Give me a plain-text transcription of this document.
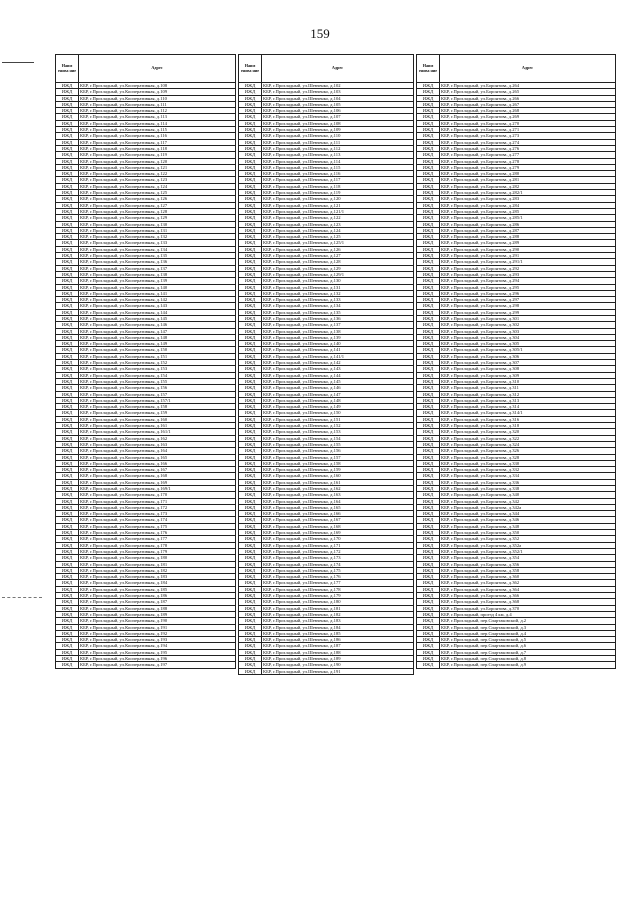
159
Наим енова ние	Адрес
ИЖД	КБР, г.Прохладный, ул.Кооперативная, д.108
ИЖД	КБР, г.Прохладный, ул.Кооперативная, д.109
ИЖД	КБР, г.Прохладный, ул.Кооперативная, д.110
ИЖД	КБР, г.Прохладный, ул.Кооперативная, д.111
ИЖД	КБР, г.Прохладный, ул.Кооперативная, д.112
ИЖД	КБР, г.Прохладный, ул.Кооперативная, д.113
ИЖД	КБР, г.Прохладный, ул.Кооперативная, д.114
ИЖД	КБР, г.Прохладный, ул.Кооперативная, д.115
ИЖД	КБР, г.Прохладный, ул.Кооперативная, д.116
ИЖД	КБР, г.Прохладный, ул.Кооперативная, д.117
ИЖД	КБР, г.Прохладный, ул.Кооперативная, д.118
ИЖД	КБР, г.Прохладный, ул.Кооперативная, д.119
ИЖД	КБР, г.Прохладный, ул.Кооперативная, д.120
ИЖД	КБР, г.Прохладный, ул.Кооперативная, д.121
ИЖД	КБР, г.Прохладный, ул.Кооперативная, д.122
ИЖД	КБР, г.Прохладный, ул.Кооперативная, д.123
ИЖД	КБР, г.Прохладный, ул.Кооперативная, д.124
ИЖД	КБР, г.Прохладный, ул.Кооперативная, д.125
ИЖД	КБР, г.Прохладный, ул.Кооперативная, д.126
ИЖД	КБР, г.Прохладный, ул.Кооперативная, д.127
ИЖД	КБР, г.Прохладный, ул.Кооперативная, д.128
ИЖД	КБР, г.Прохладный, ул.Кооперативная, д.129
ИЖД	КБР, г.Прохладный, ул.Кооперативная, д.130
ИЖД	КБР, г.Прохладный, ул.Кооперативная, д.131
ИЖД	КБР, г.Прохладный, ул.Кооперативная, д.132
ИЖД	КБР, г.Прохладный, ул.Кооперативная, д.133
ИЖД	КБР, г.Прохладный, ул.Кооперативная, д.134
ИЖД	КБР, г.Прохладный, ул.Кооперативная, д.135
ИЖД	КБР, г.Прохладный, ул.Кооперативная, д.136
ИЖД	КБР, г.Прохладный, ул.Кооперативная, д.137
ИЖД	КБР, г.Прохладный, ул.Кооперативная, д.138
ИЖД	КБР, г.Прохладный, ул.Кооперативная, д.139
ИЖД	КБР, г.Прохладный, ул.Кооперативная, д.140
ИЖД	КБР, г.Прохладный, ул.Кооперативная, д.141
ИЖД	КБР, г.Прохладный, ул.Кооперативная, д.142
ИЖД	КБР, г.Прохладный, ул.Кооперативная, д.143
ИЖД	КБР, г.Прохладный, ул.Кооперативная, д.144
ИЖД	КБР, г.Прохладный, ул.Кооперативная, д.145
ИЖД	КБР, г.Прохладный, ул.Кооперативная, д.146
ИЖД	КБР, г.Прохладный, ул.Кооперативная, д.147
ИЖД	КБР, г.Прохладный, ул.Кооперативная, д.148
ИЖД	КБР, г.Прохладный, ул.Кооперативная, д.149
ИЖД	КБР, г.Прохладный, ул.Кооперативная, д.150
ИЖД	КБР, г.Прохладный, ул.Кооперативная, д.151
ИЖД	КБР, г.Прохладный, ул.Кооперативная, д.152
ИЖД	КБР, г.Прохладный, ул.Кооперативная, д.153
ИЖД	КБР, г.Прохладный, ул.Кооперативная, д.154
ИЖД	КБР, г.Прохладный, ул.Кооперативная, д.155
ИЖД	КБР, г.Прохладный, ул.Кооперативная, д.156
ИЖД	КБР, г.Прохладный, ул.Кооперативная, д.157
ИЖД	КБР, г.Прохладный, ул.Кооперативная, д.157/1
ИЖД	КБР, г.Прохладный, ул.Кооперативная, д.158
ИЖД	КБР, г.Прохладный, ул.Кооперативная, д.159
ИЖД	КБР, г.Прохладный, ул.Кооперативная, д.160
ИЖД	КБР, г.Прохладный, ул.Кооперативная, д.161
ИЖД	КБР, г.Прохладный, ул.Кооперативная, д.161/1
ИЖД	КБР, г.Прохладный, ул.Кооперативная, д.162
ИЖД	КБР, г.Прохладный, ул.Кооперативная, д.163
ИЖД	КБР, г.Прохладный, ул.Кооперативная, д.164
ИЖД	КБР, г.Прохладный, ул.Кооперативная, д.165
ИЖД	КБР, г.Прохладный, ул.Кооперативная, д.166
ИЖД	КБР, г.Прохладный, ул.Кооперативная, д.167
ИЖД	КБР, г.Прохладный, ул.Кооперативная, д.168
ИЖД	КБР, г.Прохладный, ул.Кооперативная, д.169
ИЖД	КБР, г.Прохладный, ул.Кооперативная, д.169/1
ИЖД	КБР, г.Прохладный, ул.Кооперативная, д.170
ИЖД	КБР, г.Прохладный, ул.Кооперативная, д.171
ИЖД	КБР, г.Прохладный, ул.Кооперативная, д.172
ИЖД	КБР, г.Прохладный, ул.Кооперативная, д.173
ИЖД	КБР, г.Прохладный, ул.Кооперативная, д.174
ИЖД	КБР, г.Прохладный, ул.Кооперативная, д.175
ИЖД	КБР, г.Прохладный, ул.Кооперативная, д.176
ИЖД	КБР, г.Прохладный, ул.Кооперативная, д.177
ИЖД	КБР, г.Прохладный, ул.Кооперативная, д.178
ИЖД	КБР, г.Прохладный, ул.Кооперативная, д.179
ИЖД	КБР, г.Прохладный, ул.Кооперативная, д.180
ИЖД	КБР, г.Прохладный, ул.Кооперативная, д.181
ИЖД	КБР, г.Прохладный, ул.Кооперативная, д.182
ИЖД	КБР, г.Прохладный, ул.Кооперативная, д.183
ИЖД	КБР, г.Прохладный, ул.Кооперативная, д.184
ИЖД	КБР, г.Прохладный, ул.Кооперативная, д.185
ИЖД	КБР, г.Прохладный, ул.Кооперативная, д.186
ИЖД	КБР, г.Прохладный, ул.Кооперативная, д.187
ИЖД	КБР, г.Прохладный, ул.Кооперативная, д.188
ИЖД	КБР, г.Прохладный, ул.Кооперативная, д.189
ИЖД	КБР, г.Прохладный, ул.Кооперативная, д.190
ИЖД	КБР, г.Прохладный, ул.Кооперативная, д.191
ИЖД	КБР, г.Прохладный, ул.Кооперативная, д.192
ИЖД	КБР, г.Прохладный, ул.Кооперативная, д.193
ИЖД	КБР, г.Прохладный, ул.Кооперативная, д.194
ИЖД	КБР, г.Прохладный, ул.Кооперативная, д.195
ИЖД	КБР, г.Прохладный, ул.Кооперативная, д.196
ИЖД	КБР, г.Прохладный, ул.Кооперативная, д.197
Наим енова ние	Адрес
ИЖД	КБР, г.Прохладный, ул.Шевченко, д.102
ИЖД	КБР, г.Прохладный, ул.Шевченко, д.103
ИЖД	КБР, г.Прохладный, ул.Шевченко, д.104
ИЖД	КБР, г.Прохладный, ул.Шевченко, д.105
ИЖД	КБР, г.Прохладный, ул.Шевченко, д.106
ИЖД	КБР, г.Прохладный, ул.Шевченко, д.107
ИЖД	КБР, г.Прохладный, ул.Шевченко, д.108
ИЖД	КБР, г.Прохладный, ул.Шевченко, д.109
ИЖД	КБР, г.Прохладный, ул.Шевченко, д.110
ИЖД	КБР, г.Прохладный, ул.Шевченко, д.111
ИЖД	КБР, г.Прохладный, ул.Шевченко, д.112
ИЖД	КБР, г.Прохладный, ул.Шевченко, д.113
ИЖД	КБР, г.Прохладный, ул.Шевченко, д.114
ИЖД	КБР, г.Прохладный, ул.Шевченко, д.115
ИЖД	КБР, г.Прохладный, ул.Шевченко, д.116
ИЖД	КБР, г.Прохладный, ул.Шевченко, д.117
ИЖД	КБР, г.Прохладный, ул.Шевченко, д.118
ИЖД	КБР, г.Прохладный, ул.Шевченко, д.119
ИЖД	КБР, г.Прохладный, ул.Шевченко, д.120
ИЖД	КБР, г.Прохладный, ул.Шевченко, д.121
ИЖД	КБР, г.Прохладный, ул.Шевченко, д.121/1
ИЖД	КБР, г.Прохладный, ул.Шевченко, д.122
ИЖД	КБР, г.Прохладный, ул.Шевченко, д.123
ИЖД	КБР, г.Прохладный, ул.Шевченко, д.124
ИЖД	КБР, г.Прохладный, ул.Шевченко, д.125
ИЖД	КБР, г.Прохладный, ул.Шевченко, д.125/1
ИЖД	КБР, г.Прохладный, ул.Шевченко, д.126
ИЖД	КБР, г.Прохладный, ул.Шевченко, д.127
ИЖД	КБР, г.Прохладный, ул.Шевченко, д.128
ИЖД	КБР, г.Прохладный, ул.Шевченко, д.129
ИЖД	КБР, г.Прохладный, ул.Шевченко, д.129/1
ИЖД	КБР, г.Прохладный, ул.Шевченко, д.130
ИЖД	КБР, г.Прохладный, ул.Шевченко, д.131
ИЖД	КБР, г.Прохладный, ул.Шевченко, д.132
ИЖД	КБР, г.Прохладный, ул.Шевченко, д.133
ИЖД	КБР, г.Прохладный, ул.Шевченко, д.134
ИЖД	КБР, г.Прохладный, ул.Шевченко, д.135
ИЖД	КБР, г.Прохладный, ул.Шевченко, д.136
ИЖД	КБР, г.Прохладный, ул.Шевченко, д.137
ИЖД	КБР, г.Прохладный, ул.Шевченко, д.138
ИЖД	КБР, г.Прохладный, ул.Шевченко, д.139
ИЖД	КБР, г.Прохладный, ул.Шевченко, д.140
ИЖД	КБР, г.Прохладный, ул.Шевченко, д.141
ИЖД	КБР, г.Прохладный, ул.Шевченко, д.141/1
ИЖД	КБР, г.Прохладный, ул.Шевченко, д.142
ИЖД	КБР, г.Прохладный, ул.Шевченко, д.143
ИЖД	КБР, г.Прохладный, ул.Шевченко, д.144
ИЖД	КБР, г.Прохладный, ул.Шевченко, д.145
ИЖД	КБР, г.Прохладный, ул.Шевченко, д.146
ИЖД	КБР, г.Прохладный, ул.Шевченко, д.147
ИЖД	КБР, г.Прохладный, ул.Шевченко, д.148
ИЖД	КБР, г.Прохладный, ул.Шевченко, д.149
ИЖД	КБР, г.Прохладный, ул.Шевченко, д.150
ИЖД	КБР, г.Прохладный, ул.Шевченко, д.151
ИЖД	КБР, г.Прохладный, ул.Шевченко, д.152
ИЖД	КБР, г.Прохладный, ул.Шевченко, д.153
ИЖД	КБР, г.Прохладный, ул.Шевченко, д.154
ИЖД	КБР, г.Прохладный, ул.Шевченко, д.155
ИЖД	КБР, г.Прохладный, ул.Шевченко, д.156
ИЖД	КБР, г.Прохладный, ул.Шевченко, д.157
ИЖД	КБР, г.Прохладный, ул.Шевченко, д.158
ИЖД	КБР, г.Прохладный, ул.Шевченко, д.159
ИЖД	КБР, г.Прохладный, ул.Шевченко, д.160
ИЖД	КБР, г.Прохладный, ул.Шевченко, д.161
ИЖД	КБР, г.Прохладный, ул.Шевченко, д.162
ИЖД	КБР, г.Прохладный, ул.Шевченко, д.163
ИЖД	КБР, г.Прохладный, ул.Шевченко, д.164
ИЖД	КБР, г.Прохладный, ул.Шевченко, д.165
ИЖД	КБР, г.Прохладный, ул.Шевченко, д.166
ИЖД	КБР, г.Прохладный, ул.Шевченко, д.167
ИЖД	КБР, г.Прохладный, ул.Шевченко, д.168
ИЖД	КБР, г.Прохладный, ул.Шевченко, д.169
ИЖД	КБР, г.Прохладный, ул.Шевченко, д.170
ИЖД	КБР, г.Прохладный, ул.Шевченко, д.171
ИЖД	КБР, г.Прохладный, ул.Шевченко, д.172
ИЖД	КБР, г.Прохладный, ул.Шевченко, д.173
ИЖД	КБР, г.Прохладный, ул.Шевченко, д.174
ИЖД	КБР, г.Прохладный, ул.Шевченко, д.175
ИЖД	КБР, г.Прохладный, ул.Шевченко, д.176
ИЖД	КБР, г.Прохладный, ул.Шевченко, д.177
ИЖД	КБР, г.Прохладный, ул.Шевченко, д.178
ИЖД	КБР, г.Прохладный, ул.Шевченко, д.179
ИЖД	КБР, г.Прохладный, ул.Шевченко, д.180
ИЖД	КБР, г.Прохладный, ул.Шевченко, д.181
ИЖД	КБР, г.Прохладный, ул.Шевченко, д.182
ИЖД	КБР, г.Прохладный, ул.Шевченко, д.183
ИЖД	КБР, г.Прохладный, ул.Шевченко, д.184
ИЖД	КБР, г.Прохладный, ул.Шевченко, д.185
ИЖД	КБР, г.Прохладный, ул.Шевченко, д.186
ИЖД	КБР, г.Прохладный, ул.Шевченко, д.187
ИЖД	КБР, г.Прохладный, ул.Шевченко, д.188
ИЖД	КБР, г.Прохладный, ул.Шевченко, д.189
ИЖД	КБР, г.Прохладный, ул.Шевченко, д.190
ИЖД	КБР, г.Прохладный, ул.Шевченко, д.191
Наим енова ние	Адрес
ИЖД	КБР, г.Прохладный, ул.Боронтова, д.264
ИЖД	КБР, г.Прохладный, ул.Боронтова, д.265
ИЖД	КБР, г.Прохладный, ул.Боронтова, д.266
ИЖД	КБР, г.Прохладный, ул.Боронтова, д.267
ИЖД	КБР, г.Прохладный, ул.Боронтова, д.268
ИЖД	КБР, г.Прохладный, ул.Боронтова, д.269
ИЖД	КБР, г.Прохладный, ул.Боронтова, д.270
ИЖД	КБР, г.Прохладный, ул.Боронтова, д.271
ИЖД	КБР, г.Прохладный, ул.Боронтова, д.273
ИЖД	КБР, г.Прохладный, ул.Боронтова, д.274
ИЖД	КБР, г.Прохладный, ул.Боронтова, д.276
ИЖД	КБР, г.Прохладный, ул.Боронтова, д.277
ИЖД	КБР, г.Прохладный, ул.Боронтова, д.278
ИЖД	КБР, г.Прохладный, ул.Боронтова, д.279
ИЖД	КБР, г.Прохладный, ул.Боронтова, д.280
ИЖД	КБР, г.Прохладный, ул.Боронтова, д.281
ИЖД	КБР, г.Прохладный, ул.Боронтова, д.282
ИЖД	КБР, г.Прохладный, ул.Боронтова, д.282/1
ИЖД	КБР, г.Прохладный, ул.Боронтова, д.283
ИЖД	КБР, г.Прохладный, ул.Боронтова, д.284
ИЖД	КБР, г.Прохладный, ул.Боронтова, д.285
ИЖД	КБР, г.Прохладный, ул.Боронтова, д.285/1
ИЖД	КБР, г.Прохладный, ул.Боронтова, д.286
ИЖД	КБР, г.Прохладный, ул.Боронтова, д.287
ИЖД	КБР, г.Прохладный, ул.Боронтова, д.288
ИЖД	КБР, г.Прохладный, ул.Боронтова, д.289
ИЖД	КБР, г.Прохладный, ул.Боронтова, д.290
ИЖД	КБР, г.Прохладный, ул.Боронтова, д.291
ИЖД	КБР, г.Прохладный, ул.Боронтова, д.291/1
ИЖД	КБР, г.Прохладный, ул.Боронтова, д.292
ИЖД	КБР, г.Прохладный, ул.Боронтова, д.293
ИЖД	КБР, г.Прохладный, ул.Боронтова, д.294
ИЖД	КБР, г.Прохладный, ул.Боронтова, д.295
ИЖД	КБР, г.Прохладный, ул.Боронтова, д.296
ИЖД	КБР, г.Прохладный, ул.Боронтова, д.297
ИЖД	КБР, г.Прохладный, ул.Боронтова, д.298
ИЖД	КБР, г.Прохладный, ул.Боронтова, д.299
ИЖД	КБР, г.Прохладный, ул.Боронтова, д.301
ИЖД	КБР, г.Прохладный, ул.Боронтова, д.302
ИЖД	КБР, г.Прохладный, ул.Боронтова, д.303
ИЖД	КБР, г.Прохладный, ул.Боронтова, д.304
ИЖД	КБР, г.Прохладный, ул.Боронтова, д.305
ИЖД	КБР, г.Прохладный, ул.Боронтова, д.305/1
ИЖД	КБР, г.Прохладный, ул.Боронтова, д.306
ИЖД	КБР, г.Прохладный, ул.Боронтова, д.307
ИЖД	КБР, г.Прохладный, ул.Боронтова, д.308
ИЖД	КБР, г.Прохладный, ул.Боронтова, д.309
ИЖД	КБР, г.Прохладный, ул.Боронтова, д.310
ИЖД	КБР, г.Прохладный, ул.Боронтова, д.311
ИЖД	КБР, г.Прохладный, ул.Боронтова, д.312
ИЖД	КБР, г.Прохладный, ул.Боронтова, д.313
ИЖД	КБР, г.Прохладный, ул.Боронтова, д.314
ИЖД	КБР, г.Прохладный, ул.Боронтова, д.314/1
ИЖД	КБР, г.Прохладный, ул.Боронтова, д.316
ИЖД	КБР, г.Прохладный, ул.Боронтова, д.318
ИЖД	КБР, г.Прохладный, ул.Боронтова, д.320
ИЖД	КБР, г.Прохладный, ул.Боронтова, д.322
ИЖД	КБР, г.Прохладный, ул.Боронтова, д.324
ИЖД	КБР, г.Прохладный, ул.Боронтова, д.326
ИЖД	КБР, г.Прохладный, ул.Боронтова, д.328
ИЖД	КБР, г.Прохладный, ул.Боронтова, д.330
ИЖД	КБР, г.Прохладный, ул.Боронтова, д.332
ИЖД	КБР, г.Прохладный, ул.Боронтова, д.334
ИЖД	КБР, г.Прохладный, ул.Боронтова, д.336
ИЖД	КБР, г.Прохладный, ул.Боронтова, д.338
ИЖД	КБР, г.Прохладный, ул.Боронтова, д.340
ИЖД	КБР, г.Прохладный, ул.Боронтова, д.342
ИЖД	КБР, г.Прохладный, ул.Боронтова, д.342а
ИЖД	КБР, г.Прохладный, ул.Боронтова, д.344
ИЖД	КБР, г.Прохладный, ул.Боронтова, д.346
ИЖД	КБР, г.Прохладный, ул.Боронтова, д.348
ИЖД	КБР, г.Прохладный, ул.Боронтова, д.350
ИЖД	КБР, г.Прохладный, ул.Боронтова, д.352
ИЖД	КБР, г.Прохладный, ул.Боронтова, д.352а
ИЖД	КБР, г.Прохладный, ул.Боронтова, д.352/1
ИЖД	КБР, г.Прохладный, ул.Боронтова, д.354
ИЖД	КБР, г.Прохладный, ул.Боронтова, д.356
ИЖД	КБР, г.Прохладный, ул.Боронтова, д.358
ИЖД	КБР, г.Прохладный, ул.Боронтова, д.360
ИЖД	КБР, г.Прохладный, ул.Боронтова, д.362
ИЖД	КБР, г.Прохладный, ул.Боронтова, д.364
ИЖД	КБР, г.Прохладный, ул.Боронтова, д.366
ИЖД	КБР, г.Прохладный, ул.Боронтова, д.368
ИЖД	КБР, г.Прохладный, ул.Боронтова, д.370
ИЖД	КБР, г.Прохладный, проезд 4 км, д.4
ИЖД	КБР, г.Прохладный, пер.Спартаковский, д.2
ИЖД	КБР, г.Прохладный, пер.Спартаковский, д.3
ИЖД	КБР, г.Прохладный, пер.Спартаковский, д.4
ИЖД	КБР, г.Прохладный, пер.Спартаковский, д.5
ИЖД	КБР, г.Прохладный, пер.Спартаковский, д.6
ИЖД	КБР, г.Прохладный, пер.Спартаковский, д.7
ИЖД	КБР, г.Прохладный, пер.Спартаковский, д.8
ИЖД	КБР, г.Прохладный, пер.Спартаковский, д.9
